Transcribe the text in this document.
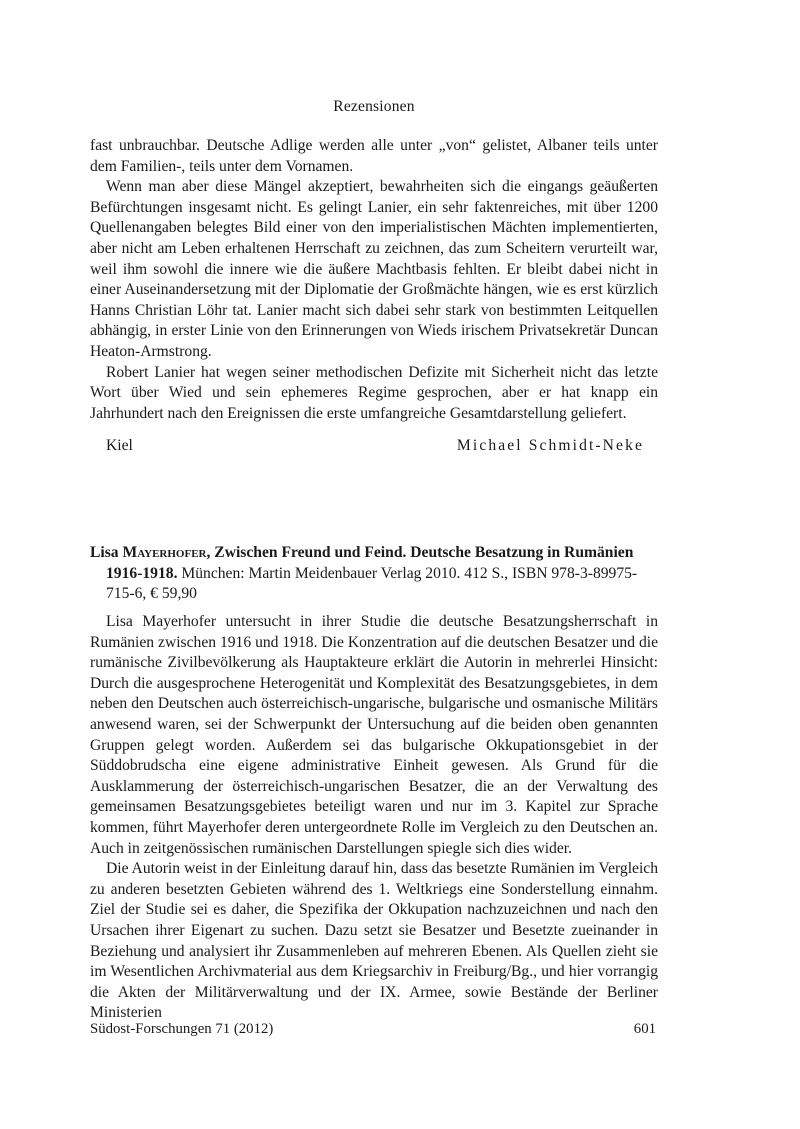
Rezensionen

fast unbrauchbar. Deutsche Adlige werden alle unter „von“ gelistet, Albaner teils unter dem Familien-, teils unter dem Vornamen.

Wenn man aber diese Mängel akzeptiert, bewahrheiten sich die eingangs geäußerten Befürchtungen insgesamt nicht. Es gelingt Lanier, ein sehr faktenreiches, mit über 1200 Quellenangaben belegtes Bild einer von den imperialistischen Mächten implementierten, aber nicht am Leben erhaltenen Herrschaft zu zeichnen, das zum Scheitern verurteilt war, weil ihm sowohl die innere wie die äußere Machtbasis fehlten. Er bleibt dabei nicht in einer Auseinandersetzung mit der Diplomatie der Großmächte hängen, wie es erst kürzlich Hanns Christian Löhr tat. Lanier macht sich dabei sehr stark von bestimmten Leitquellen abhängig, in erster Linie von den Erinnerungen von Wieds irischem Privatsekretär Duncan Heaton-Armstrong.

Robert Lanier hat wegen seiner methodischen Defizite mit Sicherheit nicht das letzte Wort über Wied und sein ephemeres Regime gesprochen, aber er hat knapp ein Jahrhundert nach den Ereignissen die erste umfangreiche Gesamtdarstellung geliefert.

Kiel	Michael Schmidt-Neke
Lisa Mayerhofer, Zwischen Freund und Feind. Deutsche Besatzung in Rumänien
1916-1918. München: Martin Meidenbauer Verlag 2010. 412 S., ISBN 978-3-89975-
715-6, € 59,90

Lisa Mayerhofer untersucht in ihrer Studie die deutsche Besatzungsherrschaft in Rumänien zwischen 1916 und 1918. Die Konzentration auf die deutschen Besatzer und die rumänische Zivilbevölkerung als Hauptakteure erklärt die Autorin in mehrerlei Hinsicht: Durch die ausgesprochene Heterogenität und Komplexität des Besatzungsgebietes, in dem neben den Deutschen auch österreichisch-ungarische, bulgarische und osmanische Militärs anwesend waren, sei der Schwerpunkt der Untersuchung auf die beiden oben genannten Gruppen gelegt worden. Außerdem sei das bulgarische Okkupationsgebiet in der Süddobrudscha eine eigene administrative Einheit gewesen. Als Grund für die Ausklammerung der österreichisch-ungarischen Besatzer, die an der Verwaltung des gemeinsamen Besatzungsgebietes beteiligt waren und nur im 3. Kapitel zur Sprache kommen, führt Mayerhofer deren untergeordnete Rolle im Vergleich zu den Deutschen an. Auch in zeitgenössischen rumänischen Darstellungen spiegle sich dies wider.

Die Autorin weist in der Einleitung darauf hin, dass das besetzte Rumänien im Vergleich zu anderen besetzten Gebieten während des 1. Weltkriegs eine Sonderstellung einnahm. Ziel der Studie sei es daher, die Spezifika der Okkupation nachzuzeichnen und nach den Ursachen ihrer Eigenart zu suchen. Dazu setzt sie Besatzer und Besetzte zueinander in Beziehung und analysiert ihr Zusammenleben auf mehreren Ebenen. Als Quellen zieht sie im Wesentlichen Archivmaterial aus dem Kriegsarchiv in Freiburg/Bg., und hier vorrangig die Akten der Militärverwaltung und der IX. Armee, sowie Bestände der Berliner Ministerien

Südost-Forschungen 71 (2012)	601
